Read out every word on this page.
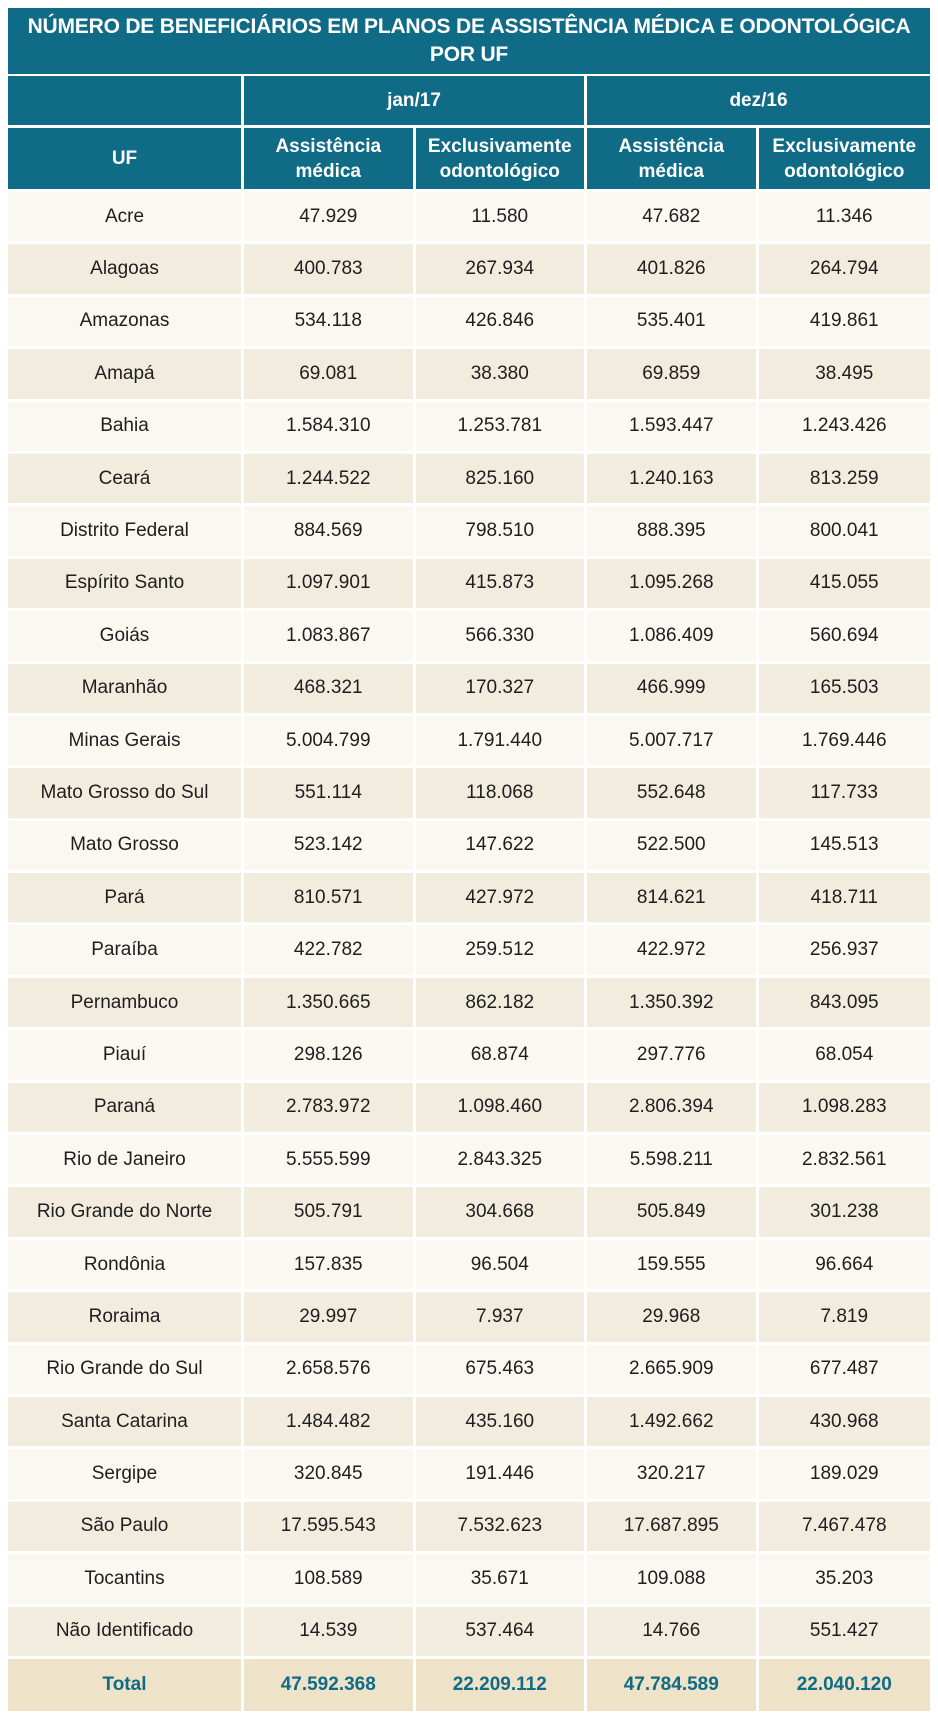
NÚMERO DE BENEFICIÁRIOS EM PLANOS DE ASSISTÊNCIA MÉDICA E ODONTOLÓGICA POR UF
	jan/17		dez/16	
UF	Assistência médica	Exclusivamente odontológico	Assistência médica	Exclusivamente odontológico
Acre	47.929	11.580	47.682	11.346
Alagoas	400.783	267.934	401.826	264.794
Amazonas	534.118	426.846	535.401	419.861
Amapá	69.081	38.380	69.859	38.495
Bahia	1.584.310	1.253.781	1.593.447	1.243.426
Ceará	1.244.522	825.160	1.240.163	813.259
Distrito Federal	884.569	798.510	888.395	800.041
Espírito Santo	1.097.901	415.873	1.095.268	415.055
Goiás	1.083.867	566.330	1.086.409	560.694
Maranhão	468.321	170.327	466.999	165.503
Minas Gerais	5.004.799	1.791.440	5.007.717	1.769.446
Mato Grosso do Sul	551.114	118.068	552.648	117.733
Mato Grosso	523.142	147.622	522.500	145.513
Pará	810.571	427.972	814.621	418.711
Paraíba	422.782	259.512	422.972	256.937
Pernambuco	1.350.665	862.182	1.350.392	843.095
Piauí	298.126	68.874	297.776	68.054
Paraná	2.783.972	1.098.460	2.806.394	1.098.283
Rio de Janeiro	5.555.599	2.843.325	5.598.211	2.832.561
Rio Grande do Norte	505.791	304.668	505.849	301.238
Rondônia	157.835	96.504	159.555	96.664
Roraima	29.997	7.937	29.968	7.819
Rio Grande do Sul	2.658.576	675.463	2.665.909	677.487
Santa Catarina	1.484.482	435.160	1.492.662	430.968
Sergipe	320.845	191.446	320.217	189.029
São Paulo	17.595.543	7.532.623	17.687.895	7.467.478
Tocantins	108.589	35.671	109.088	35.203
Não Identificado	14.539	537.464	14.766	551.427
Total	47.592.368	22.209.112	47.784.589	22.040.120
